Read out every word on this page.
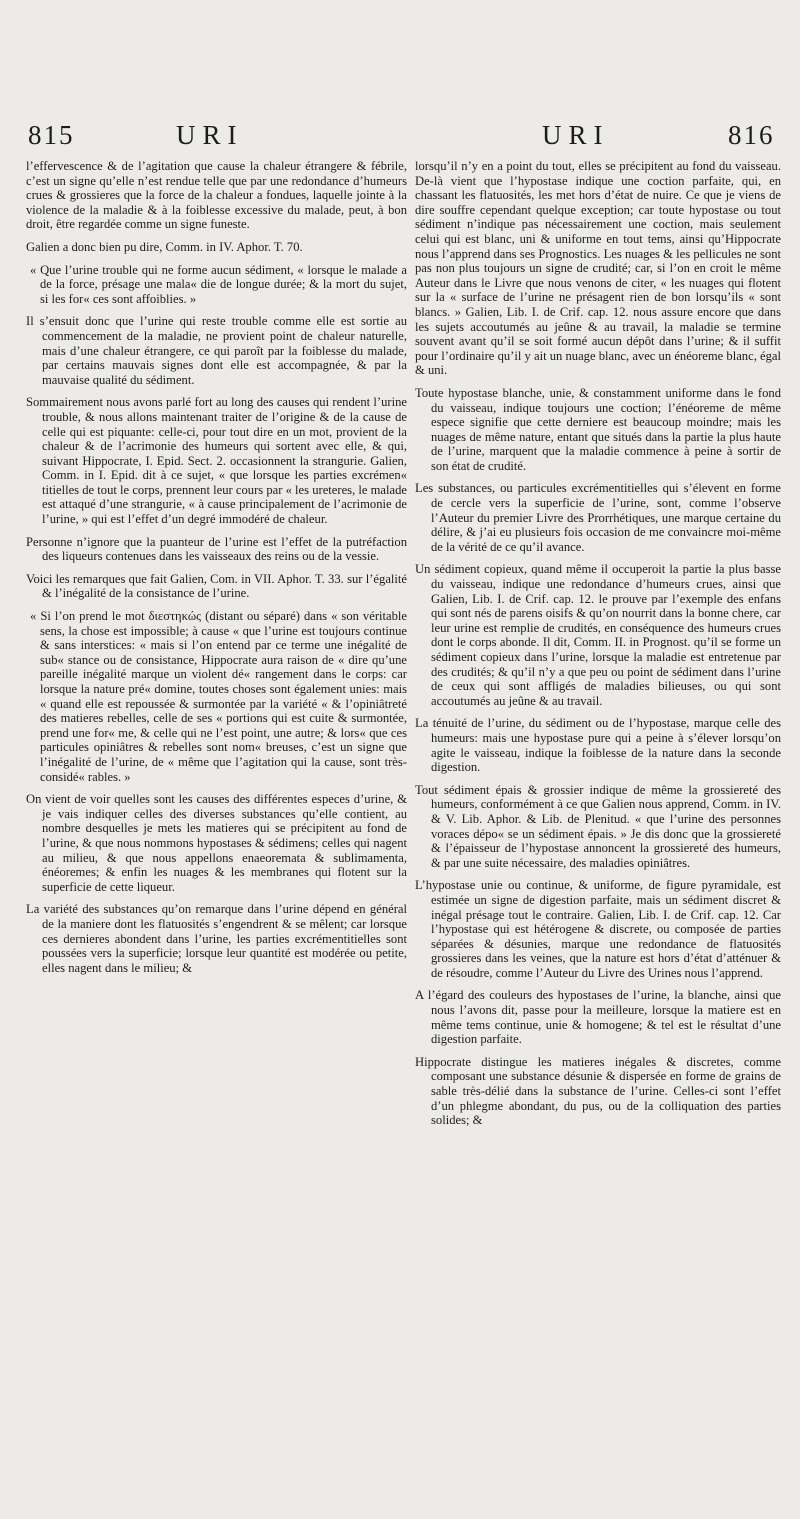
815	URI	URI	816

l’effervescence & de l’agitation que cause la chaleur étrangere & fébrile, c’est un signe qu’elle n’est rendue telle que par une redondance d’humeurs crues & grossieres que la force de la chaleur a fondues, laquelle jointe à la violence de la maladie & à la foiblesse excessive du malade, peut, à bon droit, être regardée comme un signe funeste.

Galien a donc bien pu dire, Comm. in IV. Aphor. T. 70.

« Que l’urine trouble qui ne forme aucun sédiment, « lorsque le malade a de la force, présage une mala« die de longue durée; & la mort du sujet, si les for« ces sont affoiblies. »

Il s’ensuit donc que l’urine qui reste trouble comme elle est sortie au commencement de la maladie, ne provient point de chaleur naturelle, mais d’une chaleur étrangere, ce qui paroît par la foiblesse du malade, par certains mauvais signes dont elle est accompagnée, & par la mauvaise qualité du sédiment.

Sommairement nous avons parlé fort au long des causes qui rendent l’urine trouble, & nous allons maintenant traiter de l’origine & de la cause de celle qui est piquante: celle-ci, pour tout dire en un mot, provient de la chaleur & de l’acrimonie des humeurs qui sortent avec elle, & qui, suivant Hippocrate, I. Epid. Sect. 2. occasionnent la strangurie. Galien, Comm. in I. Epid. dit à ce sujet, « que lorsque les parties excrémen« titielles de tout le corps, prennent leur cours par « les ureteres, le malade est attaqué d’une strangurie, « à cause principalement de l’acrimonie de l’urine, » qui est l’effet d’un degré immodéré de chaleur.

Personne n’ignore que la puanteur de l’urine est l’effet de la putréfaction des liqueurs contenues dans les vaisseaux des reins ou de la vessie.

Voici les remarques que fait Galien, Com. in VII. Aphor. T. 33. sur l’égalité & l’inégalité de la consistance de l’urine.

« Si l’on prend le mot διεστηκώς (distant ou séparé) dans « son véritable sens, la chose est impossible; à cause « que l’urine est toujours continue & sans interstices: « mais si l’on entend par ce terme une inégalité de sub« stance ou de consistance, Hippocrate aura raison de « dire qu’une pareille inégalité marque un violent dé« rangement dans le corps: car lorsque la nature pré« domine, toutes choses sont également unies: mais « quand elle est repoussée & surmontée par la variété « & l’opiniâtreté des matieres rebelles, celle de ses « portions qui est cuite & surmontée, prend une for« me, & celle qui ne l’est point, une autre; & lors« que ces particules opiniâtres & rebelles sont nom« breuses, c’est un signe que l’inégalité de l’urine, de « même que l’agitation qui la cause, sont très-considé« rables. »

On vient de voir quelles sont les causes des différentes especes d’urine, & je vais indiquer celles des diverses substances qu’elle contient, au nombre desquelles je mets les matieres qui se précipitent au fond de l’urine, & que nous nommons hypostases & sédimens; celles qui nagent au milieu, & que nous appellons enaeoremata & sublimamenta, énéoremes; & enfin les nuages & les membranes qui flotent sur la superficie de cette liqueur.

La variété des substances qu’on remarque dans l’urine dépend en général de la maniere dont les flatuosités s’engendrent & se mêlent; car lorsque ces dernieres abondent dans l’urine, les parties excrémentitielles sont poussées vers la superficie; lorsque leur quantité est modérée ou petite, elles nagent dans le milieu; &

lorsqu’il n’y en a point du tout, elles se précipitent au fond du vaisseau. De-là vient que l’hypostase indique une coction parfaite, qui, en chassant les flatuosités, les met hors d’état de nuire. Ce que je viens de dire souffre cependant quelque exception; car toute hypostase ou tout sédiment n’indique pas nécessairement une coction, mais seulement celui qui est blanc, uni & uniforme en tout tems, ainsi qu’Hippocrate nous l’apprend dans ses Prognostics. Les nuages & les pellicules ne sont pas non plus toujours un signe de crudité; car, si l’on en croit le même Auteur dans le Livre que nous venons de citer, « les nuages qui flotent sur la « surface de l’urine ne présagent rien de bon lorsqu’ils « sont blancs. » Galien, Lib. I. de Crif. cap. 12. nous assure encore que dans les sujets accoutumés au jeûne & au travail, la maladie se termine souvent avant qu’il se soit formé aucun dépôt dans l’urine; & il suffit pour l’ordinaire qu’il y ait un nuage blanc, avec un énéoreme blanc, égal & uni.

Toute hypostase blanche, unie, & constamment uniforme dans le fond du vaisseau, indique toujours une coction; l’énéoreme de même espece signifie que cette derniere est beaucoup moindre; mais les nuages de même nature, entant que situés dans la partie la plus haute de l’urine, marquent que la maladie commence à peine à sortir de son état de crudité.

Les substances, ou particules excrémentitielles qui s’élevent en forme de cercle vers la superficie de l’urine, sont, comme l’observe l’Auteur du premier Livre des Prorrhétiques, une marque certaine du délire, & j’ai eu plusieurs fois occasion de me convaincre moi-même de la vérité de ce qu’il avance.

Un sédiment copieux, quand même il occuperoit la partie la plus basse du vaisseau, indique une redondance d’humeurs crues, ainsi que Galien, Lib. I. de Crif. cap. 12. le prouve par l’exemple des enfans qui sont nés de parens oisifs & qu’on nourrit dans la bonne chere, car leur urine est remplie de crudités, en conséquence des humeurs crues dont le corps abonde. Il dit, Comm. II. in Prognost. qu’il se forme un sédiment copieux dans l’urine, lorsque la maladie est entretenue par des crudités; & qu’il n’y a que peu ou point de sédiment dans l’urine de ceux qui sont affligés de maladies bilieuses, ou qui sont accoutumés au jeûne & au travail.

La ténuité de l’urine, du sédiment ou de l’hypostase, marque celle des humeurs: mais une hypostase pure qui a peine à s’élever lorsqu’on agite le vaisseau, indique la foiblesse de la nature dans la seconde digestion.

Tout sédiment épais & grossier indique de même la grossiereté des humeurs, conformément à ce que Galien nous apprend, Comm. in IV. & V. Lib. Aphor. & Lib. de Plenitud. « que l’urine des personnes voraces dépo« se un sédiment épais. » Je dis donc que la grossiereté & l’épaisseur de l’hypostase annoncent la grossiereté des humeurs, & par une suite nécessaire, des maladies opiniâtres.

L’hypostase unie ou continue, & uniforme, de figure pyramidale, est estimée un signe de digestion parfaite, mais un sédiment discret & inégal présage tout le contraire. Galien, Lib. I. de Crif. cap. 12. Car l’hypostase qui est hétérogene & discrete, ou composée de parties séparées & désunies, marque une redondance de flatuosités grossieres dans les veines, que la nature est hors d’état d’atténuer & de résoudre, comme l’Auteur du Livre des Urines nous l’apprend.

A l’égard des couleurs des hypostases de l’urine, la blanche, ainsi que nous l’avons dit, passe pour la meilleure, lorsque la matiere est en même tems continue, unie & homogene; & tel est le résultat d’une digestion parfaite.

Hippocrate distingue les matieres inégales & discretes, comme composant une substance désunie & dispersée en forme de grains de sable très-délié dans la substance de l’urine. Celles-ci sont l’effet d’un phlegme abondant, du pus, ou de la colliquation des parties solides; &
